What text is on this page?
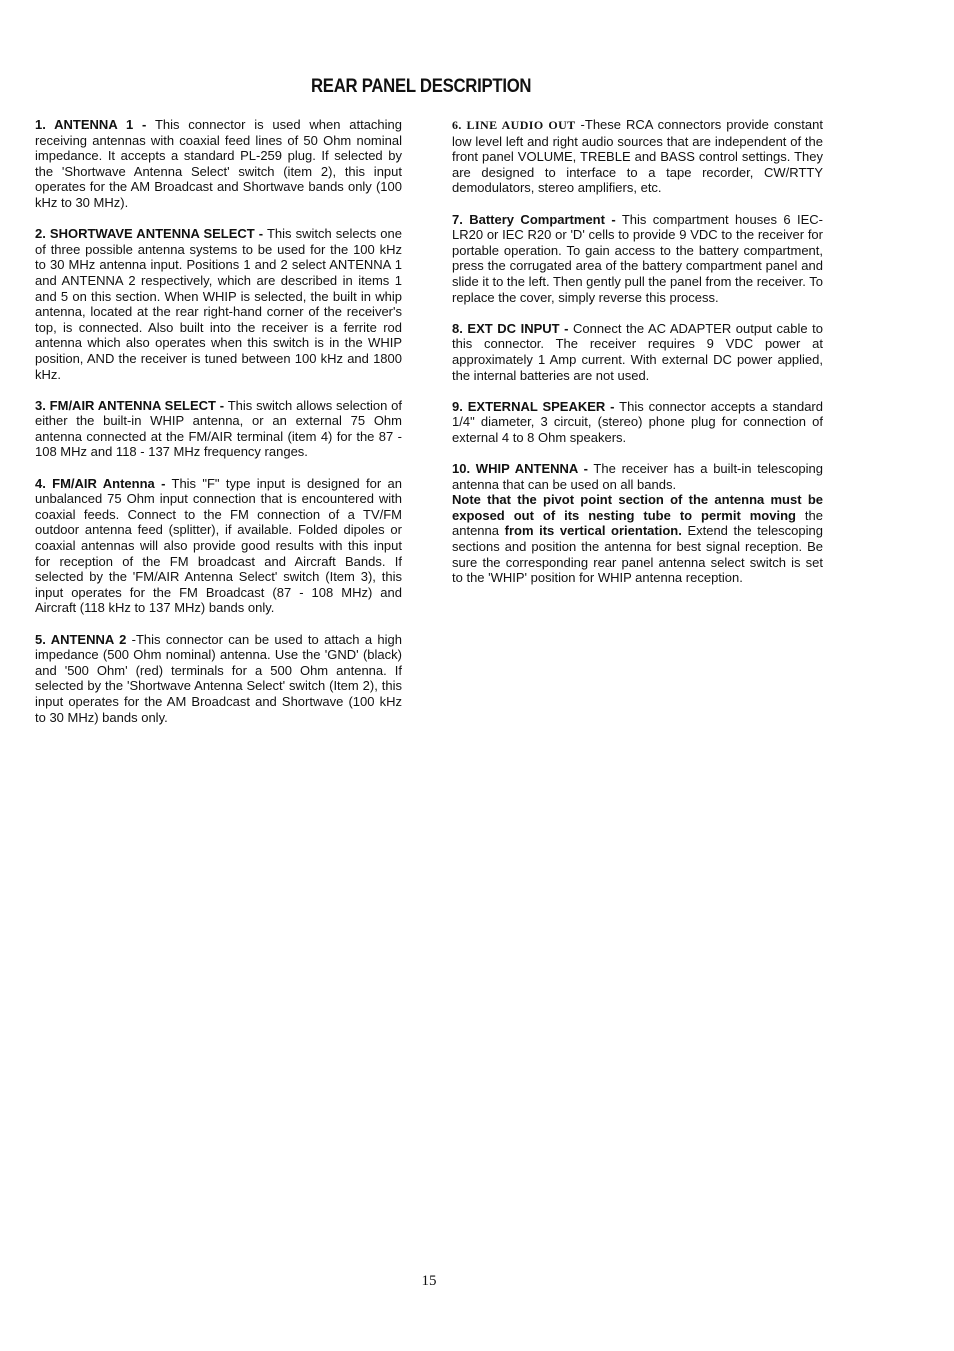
REAR PANEL DESCRIPTION

1. ANTENNA 1 - This connector is used when attaching receiving antennas with coaxial feed lines of 50 Ohm nominal impedance. It accepts a standard PL-259 plug. If selected by the 'Shortwave Antenna Select' switch (item 2), this input operates for the AM Broadcast and Shortwave bands only (100 kHz to 30 MHz).

2. SHORTWAVE ANTENNA SELECT - This switch selects one of three possible antenna systems to be used for the 100 kHz to 30 MHz antenna input. Positions 1 and 2 select ANTENNA 1 and ANTENNA 2 respectively, which are described in items 1 and 5 on this section. When WHIP is selected, the built in whip antenna, located at the rear right-hand corner of the receiver's top, is connected. Also built into the receiver is a ferrite rod antenna which also operates when this switch is in the WHIP position, AND the receiver is tuned between 100 kHz and 1800 kHz.

3. FM/AIR ANTENNA SELECT - This switch allows selection of either the built-in WHIP antenna, or an external 75 Ohm antenna connected at the FM/AIR terminal (item 4) for the 87 - 108 MHz and 118 - 137 MHz frequency ranges.

4. FM/AIR Antenna - This "F" type input is designed for an unbalanced 75 Ohm input connection that is encountered with coaxial feeds. Connect to the FM connection of a TV/FM outdoor antenna feed (splitter), if available. Folded dipoles or coaxial antennas will also provide good results with this input for reception of the FM broadcast and Aircraft Bands. If selected by the 'FM/AIR Antenna Select' switch (Item 3), this input operates for the FM Broadcast (87 - 108 MHz) and Aircraft (118 kHz to 137 MHz) bands only.

5. ANTENNA 2 -This connector can be used to attach a high impedance (500 Ohm nominal) antenna. Use the 'GND' (black) and '500 Ohm' (red) terminals for a 500 Ohm antenna. If selected by the 'Shortwave Antenna Select' switch (Item 2), this input operates for the AM Broadcast and Shortwave (100 kHz to 30 MHz) bands only.

6. LINE AUDIO OUT -These RCA connectors provide constant low level left and right audio sources that are independent of the front panel VOLUME, TREBLE and BASS control settings. They are designed to interface to a tape recorder, CW/RTTY demodulators, stereo amplifiers, etc.

7. Battery Compartment - This compartment houses 6 IEC-LR20 or IEC R20 or 'D' cells to provide 9 VDC to the receiver for portable operation. To gain access to the battery compartment, press the corrugated area of the battery compartment panel and slide it to the left. Then gently pull the panel from the receiver. To replace the cover, simply reverse this process.

8. EXT DC INPUT - Connect the AC ADAPTER output cable to this connector. The receiver requires 9 VDC power at approximately 1 Amp current. With external DC power applied, the internal batteries are not used.

9. EXTERNAL SPEAKER - This connector accepts a standard 1/4" diameter, 3 circuit, (stereo) phone plug for connection of external 4 to 8 Ohm speakers.

10. WHIP ANTENNA - The receiver has a built-in telescoping antenna that can be used on all bands.
Note that the pivot point section of the antenna must be exposed out of its nesting tube to permit moving the antenna from its vertical orientation. Extend the telescoping sections and position the antenna for best signal reception. Be sure the corresponding rear panel antenna select switch is set to the 'WHIP' position for WHIP antenna reception.

15
